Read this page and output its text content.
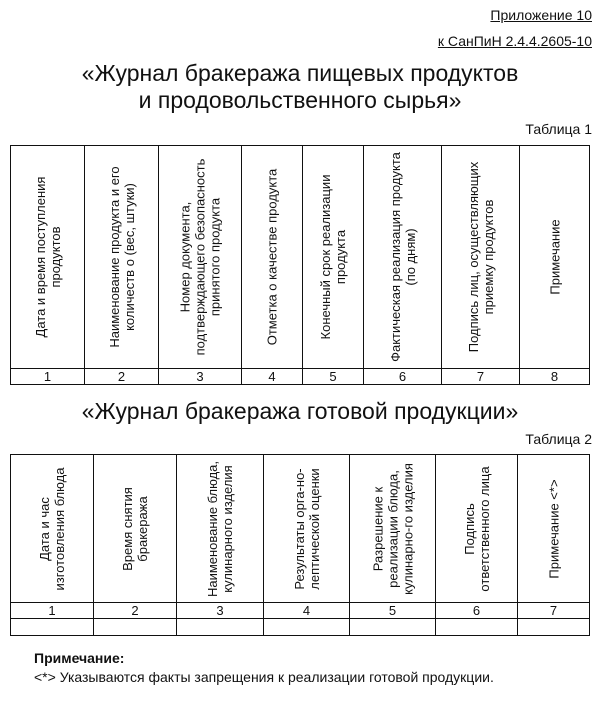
Приложение 10
к СанПиН 2.4.4.2605-10
«Журнал бракеража пищевых продуктов
и продовольственного сырья»
Таблица 1
Дата и время поступления продуктов	Наименование продукта и его количеств о (вес, штуки)	Номер документа, подтверждающего безопасность принятого продукта	Отметка о качестве продукта	Конечный срок реализации продукта	Фактическая реализация продукта (по дням)	Подпись лиц, осуществляющих приемку продуктов	Примечание

1	2	3	4	5	6	7	8
«Журнал бракеража готовой продукции»
Таблица 2
Дата и час изготовления блюда	Время снятия бракеража	Наименование блюда, кулинарного изделия	Результаты орга-но-лептической оценки	Разрешение к реализации блюда, кулинарно-го изделия	Подпись ответственного лица	Примечание <*>

1	2	3	4	5	6	7

Примечание:
<*> Указываются факты запрещения к реализации готовой продукции.
